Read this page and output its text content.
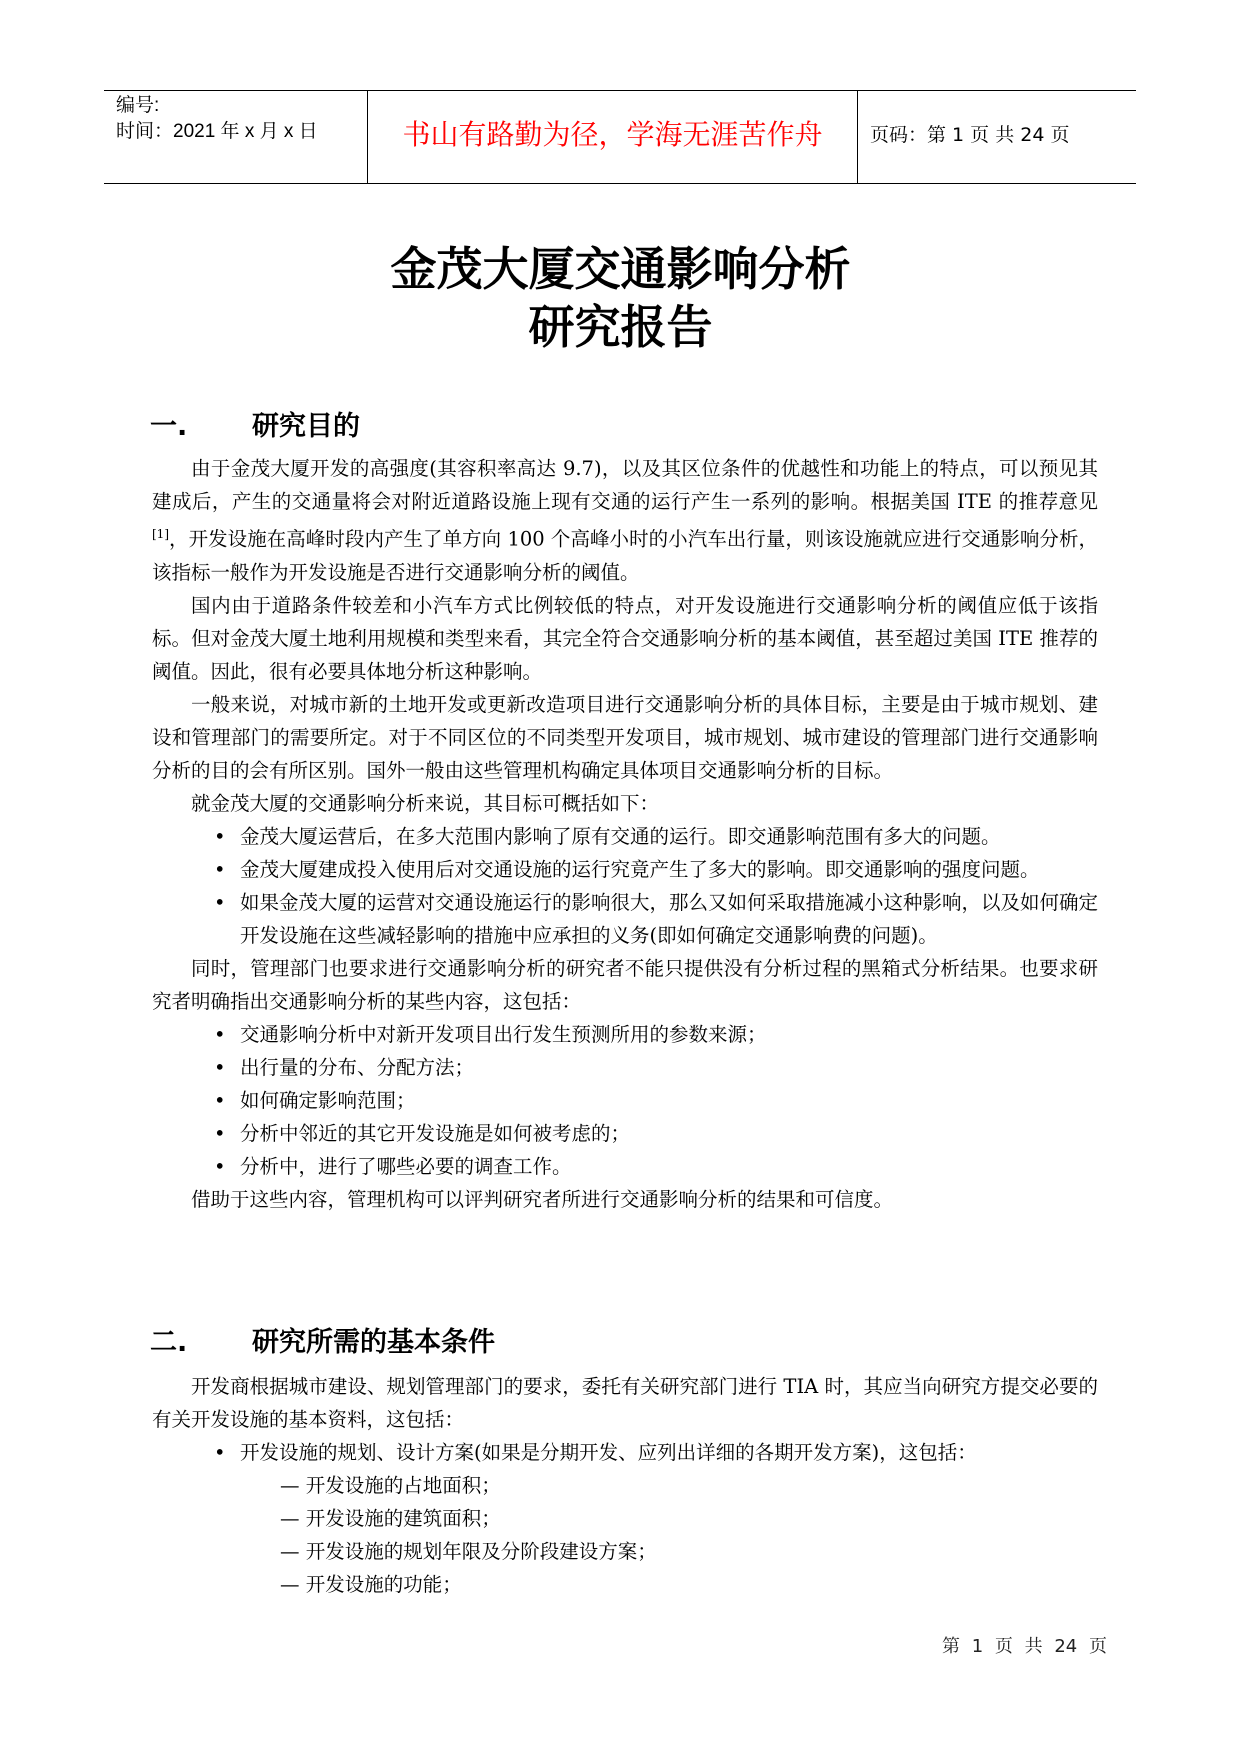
编号:
时间：2021 年 x 月 x 日	书山有路勤为径，学海无涯苦作舟	页码：第 1 页 共 24 页
金茂大厦交通影响分析
研究报告
一.	研究目的

由于金茂大厦开发的高强度(其容积率高达 9.7)，以及其区位条件的优越性和功能上的特点，可以预见其建成后，产生的交通量将会对附近道路设施上现有交通的运行产生一系列的影响。根据美国 ITE 的推荐意见[1]，开发设施在高峰时段内产生了单方向 100 个高峰小时的小汽车出行量，则该设施就应进行交通影响分析，该指标一般作为开发设施是否进行交通影响分析的阈值。

国内由于道路条件较差和小汽车方式比例较低的特点，对开发设施进行交通影响分析的阈值应低于该指标。但对金茂大厦土地利用规模和类型来看，其完全符合交通影响分析的基本阈值，甚至超过美国 ITE 推荐的阈值。因此，很有必要具体地分析这种影响。

一般来说，对城市新的土地开发或更新改造项目进行交通影响分析的具体目标，主要是由于城市规划、建设和管理部门的需要所定。对于不同区位的不同类型开发项目，城市规划、城市建设的管理部门进行交通影响分析的目的会有所区别。国外一般由这些管理机构确定具体项目交通影响分析的目标。

就金茂大厦的交通影响分析来说，其目标可概括如下：

• 金茂大厦运营后，在多大范围内影响了原有交通的运行。即交通影响范围有多大的问题。
• 金茂大厦建成投入使用后对交通设施的运行究竟产生了多大的影响。即交通影响的强度问题。
• 如果金茂大厦的运营对交通设施运行的影响很大，那么又如何采取措施减小这种影响，以及如何确定开发设施在这些减轻影响的措施中应承担的义务(即如何确定交通影响费的问题)。

同时，管理部门也要求进行交通影响分析的研究者不能只提供没有分析过程的黑箱式分析结果。也要求研究者明确指出交通影响分析的某些内容，这包括：

• 交通影响分析中对新开发项目出行发生预测所用的参数来源；
• 出行量的分布、分配方法；
• 如何确定影响范围；
• 分析中邻近的其它开发设施是如何被考虑的；
• 分析中，进行了哪些必要的调查工作。

借助于这些内容，管理机构可以评判研究者所进行交通影响分析的结果和可信度。

二.	研究所需的基本条件

开发商根据城市建设、规划管理部门的要求，委托有关研究部门进行 TIA 时，其应当向研究方提交必要的有关开发设施的基本资料，这包括：

• 开发设施的规划、设计方案(如果是分期开发、应列出详细的各期开发方案)，这包括：
— 开发设施的占地面积；
— 开发设施的建筑面积；
— 开发设施的规划年限及分阶段建设方案；
— 开发设施的功能；
第 1 页 共 24 页
